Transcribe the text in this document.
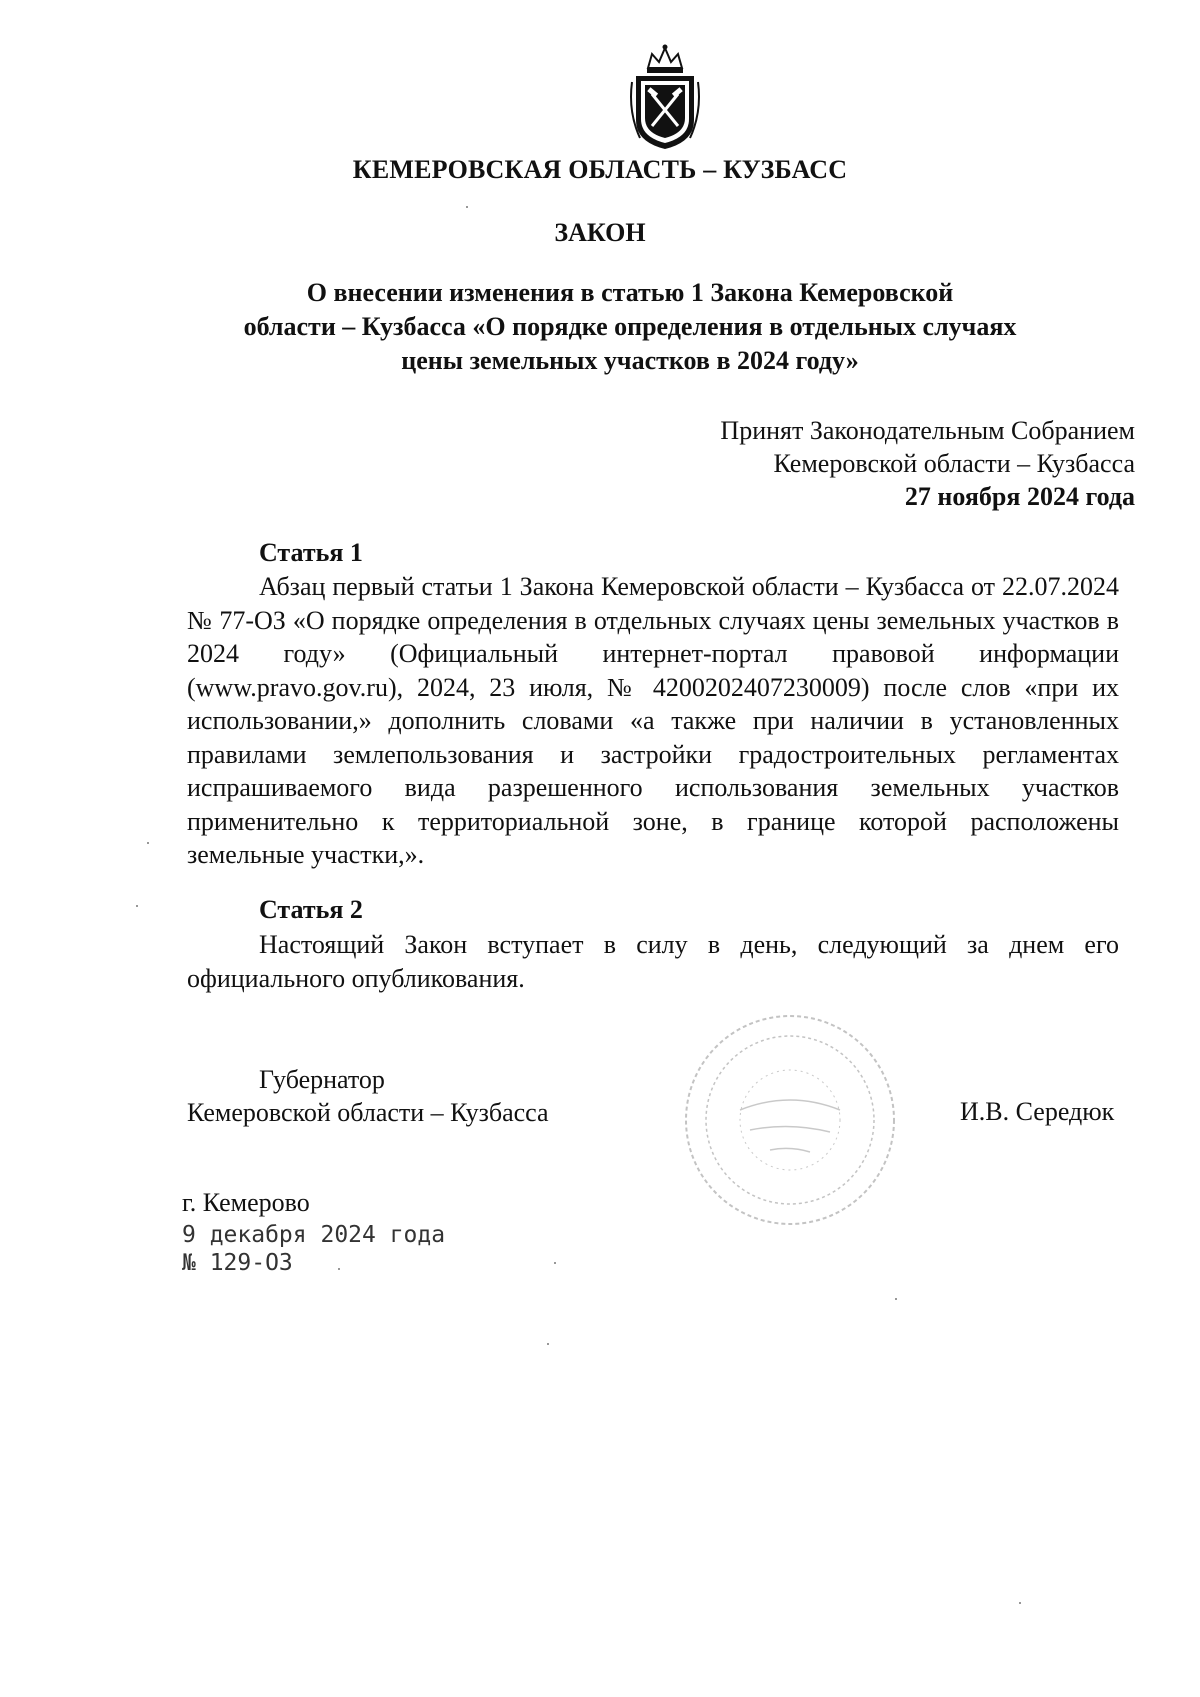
КЕМЕРОВСКАЯ ОБЛАСТЬ – КУЗБАСС
ЗАКОН
О внесении изменения в статью 1 Закона Кемеровской
области – Кузбасса «О порядке определения в отдельных случаях
цены земельных участков в 2024 году»
Принят Законодательным Собранием
Кемеровской области – Кузбасса
27 ноября 2024 года
Статья 1
Абзац первый статьи 1 Закона Кемеровской области – Кузбасса от 22.07.2024 № 77-ОЗ «О порядке определения в отдельных случаях цены земельных участков в 2024 году» (Официальный интернет-портал правовой информации (www.pravo.gov.ru), 2024, 23 июля, № 4200202407230009) после слов «при их использовании,» дополнить словами «а также при наличии в установленных правилами землепользования и застройки градостроительных регламентах испрашиваемого вида разрешенного использования земельных участков применительно к территориальной зоне, в границе которой расположены земельные участки,».
Статья 2
Настоящий Закон вступает в силу в день, следующий за днем его официального опубликования.
Губернатор
Кемеровской области – Кузбасса	И.В. Середюк
г. Кемерово
9 декабря 2024 года
№ 129-ОЗ
